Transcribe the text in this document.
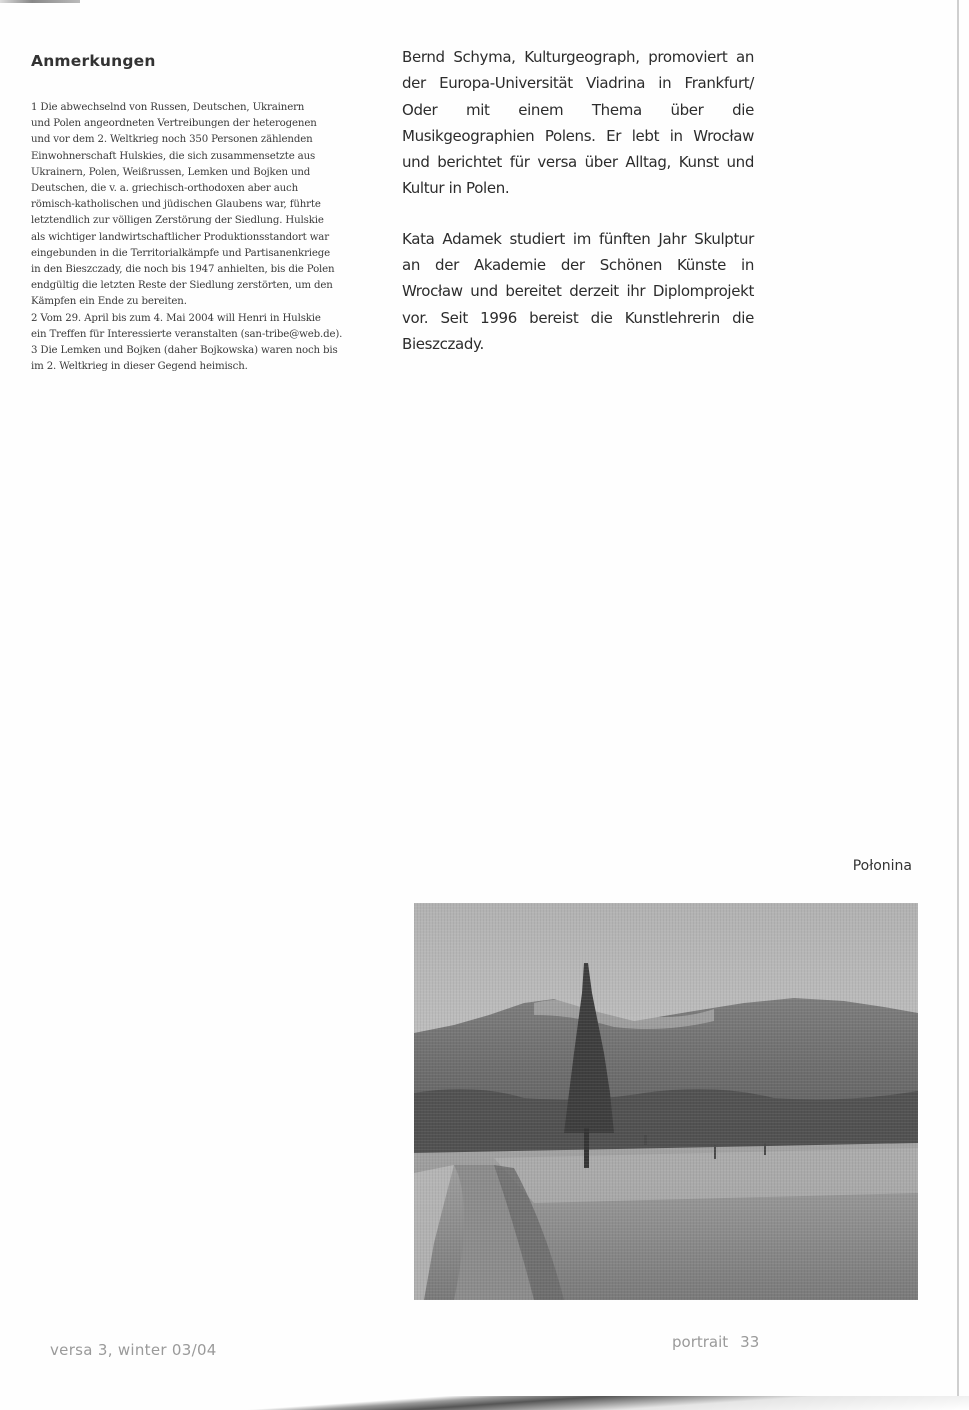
Anmerkungen

1 Die abwechselnd von Russen, Deutschen, Ukrainern

und Polen angeordneten Vertreibungen der heterogenen

und vor dem 2. Weltkrieg noch 350 Personen zählenden

Einwohnerschaft Hulskies, die sich zusammensetzte aus

Ukrainern, Polen, Weißrussen, Lemken und Bojken und

Deutschen, die v. a. griechisch-orthodoxen aber auch

römisch-katholischen und jüdischen Glaubens war, führte

letztendlich zur völligen Zerstörung der Siedlung. Hulskie

als wichtiger landwirtschaftlicher Produktionsstandort war

eingebunden in die Territorialkämpfe und Partisanenkriege

in den Bieszczady, die noch bis 1947 anhielten, bis die Polen

endgültig die letzten Reste der Siedlung zerstörten, um den

Kämpfen ein Ende zu bereiten.

2 Vom 29. April bis zum 4. Mai 2004 will Henri in Hulskie

ein Treffen für Interessierte veranstalten (san-tribe@web.de).

3 Die Lemken und Bojken (daher Bojkowska) waren noch bis

im 2. Weltkrieg in dieser Gegend heimisch.

Bernd Schyma, Kulturgeograph, promoviert an der Europa-Universität Viadrina in Frankfurt/ Oder mit einem Thema über die Musikgeographien Polens. Er lebt in Wrocław und berichtet für versa über Alltag, Kunst und Kultur in Polen.

Kata Adamek studiert im fünften Jahr Skulptur an der Akademie der Schönen Künste in Wrocław und bereitet derzeit ihr Diplomprojekt vor. Seit 1996 bereist die Kunstlehrerin die Bieszczady.

Połonina
versa 3, winter 03/04	portrait 33
